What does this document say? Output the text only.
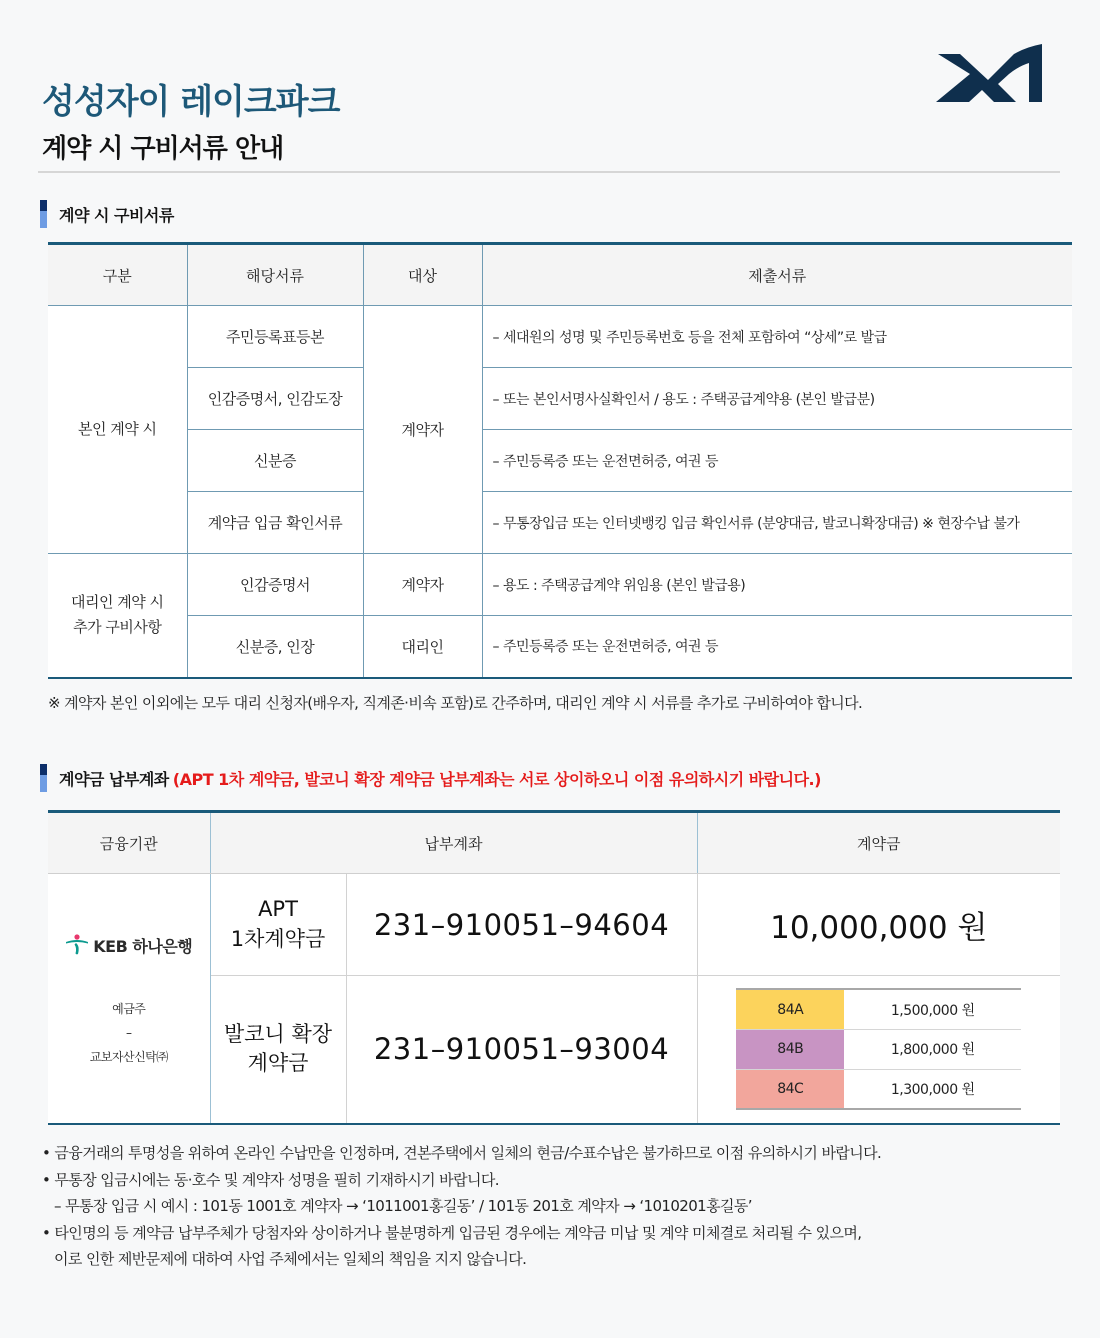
성성자이 레이크파크
계약 시 구비서류 안내
계약 시 구비서류
구분	해당서류	대상	제출서류
본인 계약 시	주민등록표등본	계약자	– 세대원의 성명 및 주민등록번호 등을 전체 포함하여 “상세”로 발급
	인감증명서, 인감도장		– 또는 본인서명사실확인서 / 용도 : 주택공급계약용 (본인 발급분)
	신분증		– 주민등록증 또는 운전면허증, 여권 등
	계약금 입금 확인서류		– 무통장입금 또는 인터넷뱅킹 입금 확인서류 (분양대금, 발코니확장대금) ※ 현장수납 불가

대리인 계약 시
추가 구비사항	인감증명서	계약자	– 용도 : 주택공급계약 위임용 (본인 발급용)
	신분증, 인장	대리인	– 주민등록증 또는 운전면허증, 여권 등

※ 계약자 본인 이외에는 모두 대리 신청자(배우자, 직계존·비속 포함)로 간주하며, 대리인 계약 시 서류를 추가로 구비하여야 합니다.

계약금 납부계좌 (APT 1차 계약금, 발코니 확장 계약금 납부계좌는 서로 상이하오니 이점 유의하시기 바랍니다.)
금융기관	납부계좌	계약금

KEB 하나은행
예금주
–
교보자산신탁㈜

APT
1차계약금	231–910051–94604	10,000,000 원

발코니 확장
계약금	231–910051–93004	
84A	1,500,000 원
84B	1,800,000 원
84C	1,300,000 원
• 금융거래의 투명성을 위하여 온라인 수납만을 인정하며, 견본주택에서 일체의 현금/수표수납은 불가하므로 이점 유의하시기 바랍니다.
• 무통장 입금시에는 동·호수 및 계약자 성명을 필히 기재하시기 바랍니다.
– 무통장 입금 시 예시 : 101동 1001호 계약자 → ‘1011001홍길동’ / 101동 201호 계약자 → ‘1010201홍길동’
• 타인명의 등 계약금 납부주체가 당첨자와 상이하거나 불분명하게 입금된 경우에는 계약금 미납 및 계약 미체결로 처리될 수 있으며,
이로 인한 제반문제에 대하여 사업 주체에서는 일체의 책임을 지지 않습니다.
